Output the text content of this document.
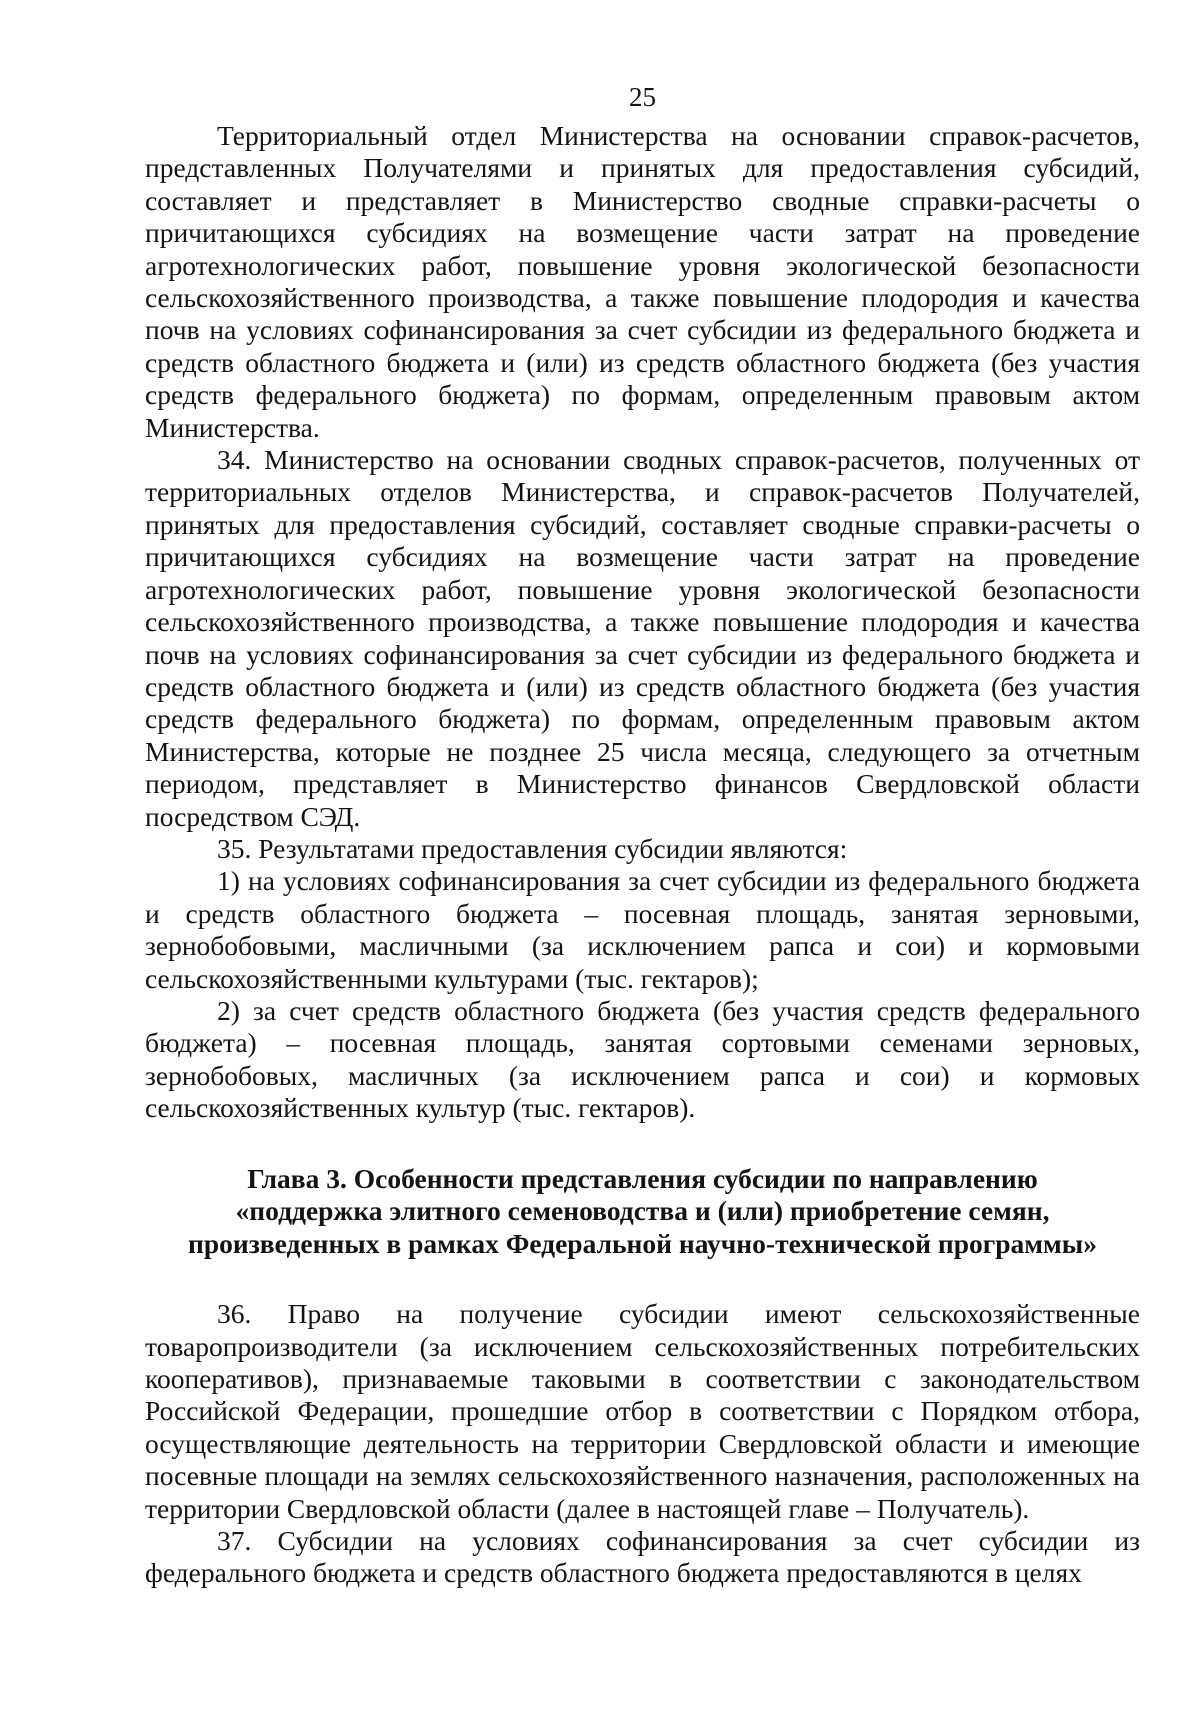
25

Территориальный отдел Министерства на основании справок-расчетов, представленных Получателями и принятых для предоставления субсидий, составляет и представляет в Министерство сводные справки-расчеты о причитающихся субсидиях на возмещение части затрат на проведение агротехнологических работ, повышение уровня экологической безопасности сельскохозяйственного производства, а также повышение плодородия и качества почв на условиях софинансирования за счет субсидии из федерального бюджета и средств областного бюджета и (или) из средств областного бюджета (без участия средств федерального бюджета) по формам, определенным правовым актом Министерства.

34. Министерство на основании сводных справок-расчетов, полученных от территориальных отделов Министерства, и справок-расчетов Получателей, принятых для предоставления субсидий, составляет сводные справки-расчеты о причитающихся субсидиях на возмещение части затрат на проведение агротехнологических работ, повышение уровня экологической безопасности сельскохозяйственного производства, а также повышение плодородия и качества почв на условиях софинансирования за счет субсидии из федерального бюджета и средств областного бюджета и (или) из средств областного бюджета (без участия средств федерального бюджета) по формам, определенным правовым актом Министерства, которые не позднее 25 числа месяца, следующего за отчетным периодом, представляет в Министерство финансов Свердловской области посредством СЭД.

35. Результатами предоставления субсидии являются:

1) на условиях софинансирования за счет субсидии из федерального бюджета и средств областного бюджета – посевная площадь, занятая зерновыми, зернобобовыми, масличными (за исключением рапса и сои) и кормовыми сельскохозяйственными культурами (тыс. гектаров);

2) за счет средств областного бюджета (без участия средств федерального бюджета) – посевная площадь, занятая сортовыми семенами зерновых, зернобобовых, масличных (за исключением рапса и сои) и кормовых сельскохозяйственных культур (тыс. гектаров).

Глава 3. Особенности представления субсидии по направлению
«поддержка элитного семеноводства и (или) приобретение семян,
произведенных в рамках Федеральной научно-технической программы»

36. Право на получение субсидии имеют сельскохозяйственные товаропроизводители (за исключением сельскохозяйственных потребительских кооперативов), признаваемые таковыми в соответствии с законодательством Российской Федерации, прошедшие отбор в соответствии с Порядком отбора, осуществляющие деятельность на территории Свердловской области и имеющие посевные площади на землях сельскохозяйственного назначения, расположенных на территории Свердловской области (далее в настоящей главе – Получатель).

37. Субсидии на условиях софинансирования за счет субсидии из федерального бюджета и средств областного бюджета предоставляются в целях
